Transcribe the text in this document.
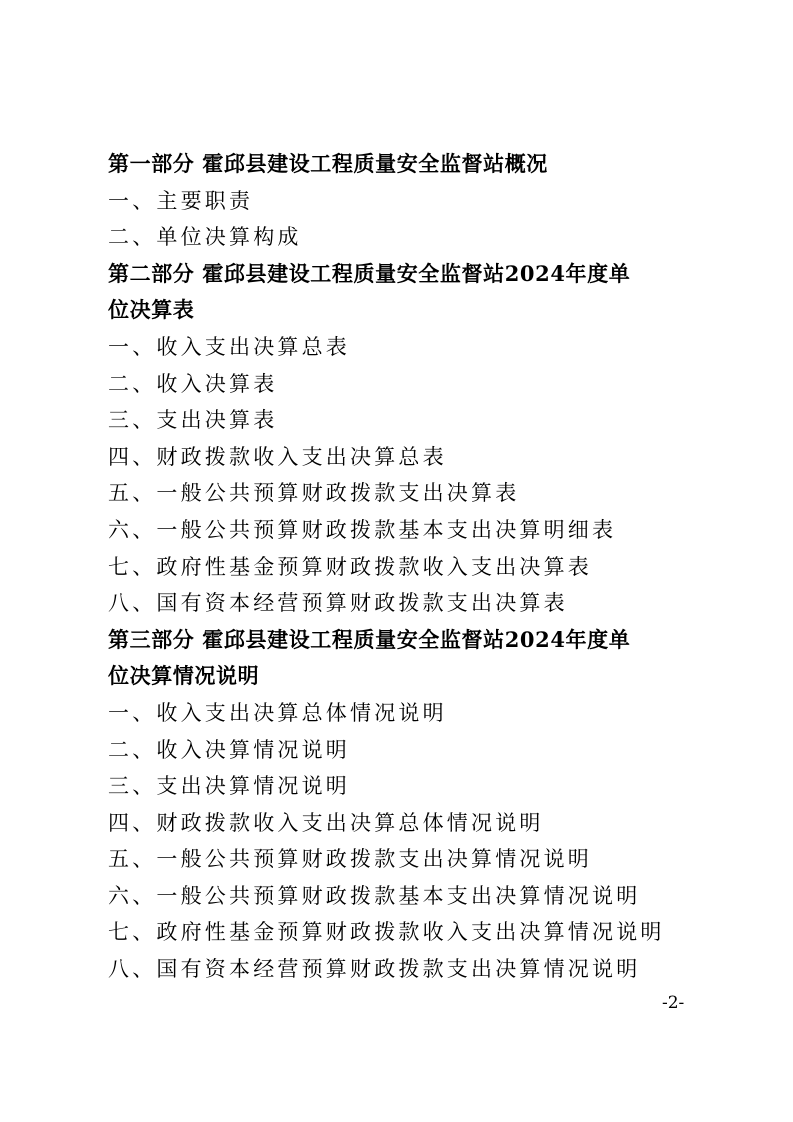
第一部分 霍邱县建设工程质量安全监督站概况
一、主要职责
二、单位决算构成
第二部分 霍邱县建设工程质量安全监督站2024年度单
位决算表
一、收入支出决算总表
二、收入决算表
三、支出决算表
四、财政拨款收入支出决算总表
五、一般公共预算财政拨款支出决算表
六、一般公共预算财政拨款基本支出决算明细表
七、政府性基金预算财政拨款收入支出决算表
八、国有资本经营预算财政拨款支出决算表
第三部分 霍邱县建设工程质量安全监督站2024年度单
位决算情况说明
一、收入支出决算总体情况说明
二、收入决算情况说明
三、支出决算情况说明
四、财政拨款收入支出决算总体情况说明
五、一般公共预算财政拨款支出决算情况说明
六、一般公共预算财政拨款基本支出决算情况说明
七、政府性基金预算财政拨款收入支出决算情况说明
八、国有资本经营预算财政拨款支出决算情况说明
-2-
